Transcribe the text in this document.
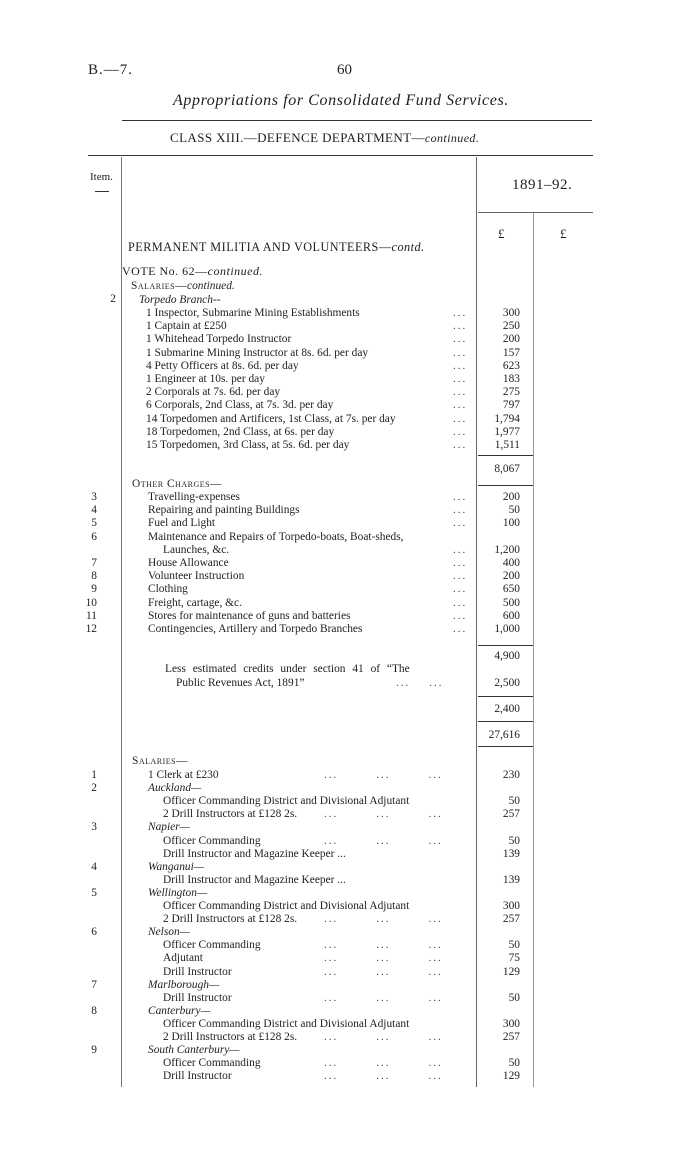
B.—7.	60
Appropriations for Consolidated Fund Services.
CLASS XIII.—DEFENCE DEPARTMENT—continued.
Item.	1891–92.
£	£
PERMANENT MILITIA AND VOLUNTEERS—contd.
VOTE No. 62—continued.
Salaries—continued.
2 Torpedo Branch--
1 Inspector, Submarine Mining Establishments	...	300
1 Captain at £250	...	250
1 Whitehead Torpedo Instructor	...	200
1 Submarine Mining Instructor at 8s. 6d. per day	...	157
4 Petty Officers at 8s. 6d. per day	...	623
1 Engineer at 10s. per day	...	183
2 Corporals at 7s. 6d. per day	...	275
6 Corporals, 2nd Class, at 7s. 3d. per day	...	797
14 Torpedomen and Artificers, 1st Class, at 7s. per day	...	1,794
18 Torpedomen, 2nd Class, at 6s. per day	...	1,977
15 Torpedomen, 3rd Class, at 5s. 6d. per day	...	1,511
8,067
Other Charges—
3	Travelling-expenses	...	200
4	Repairing and painting Buildings	...	50
5	Fuel and Light	...	100
6	Maintenance and Repairs of Torpedo-boats, Boat-sheds,
Launches, &c.	...	1,200
7	House Allowance	...	400
8	Volunteer Instruction	...	200
9	Clothing	...	650
10	Freight, cartage, &c.	...	500
11	Stores for maintenance of guns and batteries	...	600
12	Contingencies, Artillery and Torpedo Branches	...	1,000
4,900
Less estimated credits under section 41 of “The
Public Revenues Act, 1891”	...    ...	2,500
2,400
27,616
Salaries—
1	1 Clerk at £230	...        ...        ...	230
2	Auckland—
Officer Commanding District and Divisional Adjutant	50
2 Drill Instructors at £128 2s. ...        ...        ...	257
3	Napier—
Officer Commanding	...        ...        ...	50
Drill Instructor and Magazine Keeper ...	139
4	Wanganui—
Drill Instructor and Magazine Keeper ...	139
5	Wellington—
Officer Commanding District and Divisional Adjutant	300
2 Drill Instructors at £128 2s. ...        ...        ...	257
6	Nelson—
Officer Commanding	...        ...        ...	50
Adjutant	...        ...        ...	75
Drill Instructor	...        ...        ...	129
7	Marlborough—
Drill Instructor	...        ...        ...	50
8	Canterbury—
Officer Commanding District and Divisional Adjutant	300
2 Drill Instructors at £128 2s. ...        ...        ...	257
9	South Canterbury—
Officer Commanding	...        ...        ...	50
Drill Instructor	...        ...        ...	129
